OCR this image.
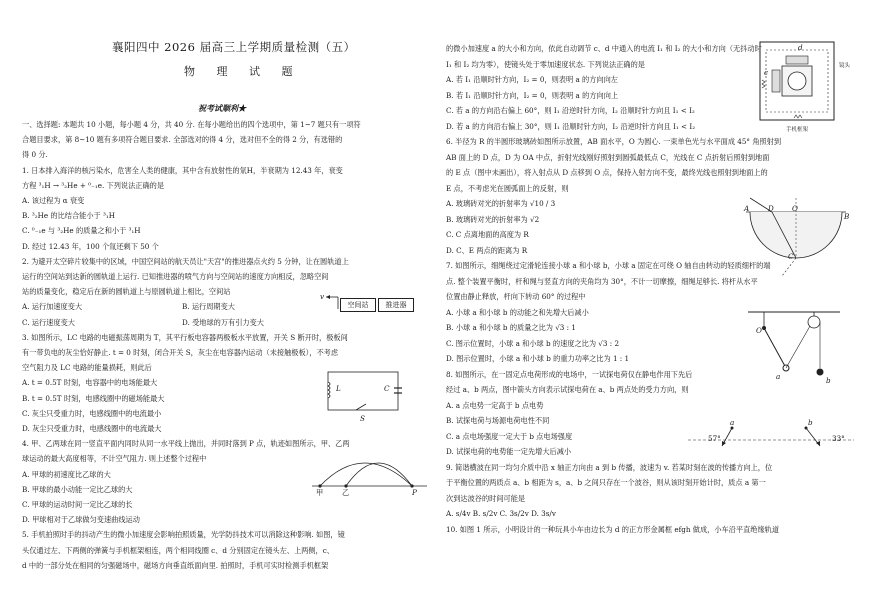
襄阳四中 2026 届高三上学期质量检测（五）
物 理 试 题
祝考试顺利★
一、选择题: 本题共 10 小题，每小题 4 分，共 40 分. 在每小题给出的四个选项中，第 1~7 题只有一项符
合题目要求，第 8~10 题有多项符合题目要求. 全部选对的得 4 分，选对但不全的得 2 分，有选错的
得 0 分.
1. 日本排入海洋的核污染水，危害全人类的健康，其中含有放射性的氚H，半衰期为 12.43 年，衰变
方程 ³₁H → ³₂He + ⁰₋₁e. 下列说法正确的是
A. 该过程为 α 衰变
B. ³₂He 的比结合能小于 ³₁H
C. ⁰₋₁e 与 ³₂He 的质量之和小于 ³₁H
D. 经过 12.43 年，100 个氚还剩下 50 个
2. 为避开太空碎片较集中的区域，中国空间站的航天员让"天宫"的推进器点火约 5 分钟，让在圆轨道上
运行的空间站到达新的圆轨道上运行. 已知推进器的喷气方向与空间站的速度方向相反，忽略空间
站的质量变化，稳定后在新的圆轨道上与原圆轨道上相比，空间站
A. 运行加速度变大	B. 运行周期变大
C. 运行速度变大	D. 受地球的万有引力变大
3. 如图所示，LC 电路的电磁振荡周期为 T，其平行板电容器两极板水平放置，开关 S 断开时，极板间
有一带负电的灰尘恰好静止. t = 0 时刻，闭合开关 S，灰尘在电容器内运动（未接触极板），不考虑
空气阻力及 LC 电路的能量损耗，则此后
A. t = 0.5T 时刻，电容器中的电场能最大
B. t = 0.5T 时刻，电感线圈中的磁场能最大
C. 灰尘只受重力时，电感线圈中的电流最小
D. 灰尘只受重力时，电感线圈中的电流最大
4. 甲、乙两球在同一竖直平面内同时从同一水平线上抛出，并同时落到 P 点，轨迹如图所示，甲、乙两
球运动的最大高度相等，不计空气阻力. 则上述整个过程中
A. 甲球的初速度比乙球的大
B. 甲球的最小动能一定比乙球的大
C. 甲球的运动时间一定比乙球的长
D. 甲球相对于乙球做匀变速曲线运动
5. 手机拍照时手的抖动产生的微小加速度会影响拍照质量，光学防抖技术可以消除这种影响. 如图，镜
头仅通过左、下两侧的弹簧与手机框架相连，两个相同线圈 c、d 分别固定在镜头左、上两侧，c、
d 中的一部分处在相同的匀强磁场中，磁场方向垂直纸面向里. 拍照时，手机可实时检测手机框架
v
空间站	推进器
L	C
S
甲	乙	P
的微小加速度 a 的大小和方向，依此自动调节 c、d 中通入的电流 I₁ 和 I₂ 的大小和方向（无抖动时
I₁ 和 I₂ 均为零），使镜头处于零加速度状态. 下列说法正确的是
A. 若 I₁ 沿顺时针方向，I₂ = 0，则表明 a 的方向向左
B. 若 I₁ 沿顺时针方向，I₂ = 0，则表明 a 的方向向上
C. 若 a 的方向沿右偏上 60°，则 I₁ 沿逆时针方向，I₂ 沿顺时针方向且 I₁ < I₂
D. 若 a 的方向沿右偏上 30°，则 I₁ 沿顺时针方向，I₂ 沿逆时针方向且 I₁ < I₂
6. 半径为 R 的半圆形玻璃砖如图所示放置，AB 面水平，O 为圆心. 一束单色光与水平面成 45° 角照射到
AB 面上的 D 点，D 为 OA 中点，折射光线刚好照射到圆弧最低点 C，光线在 C 点折射后照射到地面
的 E 点（图中未画出），将入射点从 D 点移到 O 点，保持入射方向不变，最终光线也照射到地面上的
E 点，不考虑光在圆弧面上的反射，则
A. 玻璃砖对光的折射率为 √10 / 3
B. 玻璃砖对光的折射率为 √2
C. C 点离地面的高度为 R
D. C、E 两点的距离为 R
7. 如图所示，细绳绕过定滑轮连接小球 a 和小球 b，小球 a 固定在可绕 O 轴自由转动的轻质细杆的端
点. 整个装置平衡时，杆和绳与竖直方向的夹角均为 30°，不计一切摩擦，细绳足够长. 将杆从水平
位置由静止释放，杆向下转动 60° 的过程中
A. 小球 a 和小球 b 的动能之和先增大后减小
B. 小球 a 和小球 b 的质量之比为 √3 : 1
C. 图示位置时，小球 a 和小球 b 的速度之比为 √3 : 2
D. 图示位置时，小球 a 和小球 b 的重力功率之比为 1 : 1
8. 如图所示，在一固定点电荷形成的电场中，一试探电荷仅在静电作用下先后
经过 a、b 两点，图中箭头方向表示试探电荷在 a、b 两点处的受力方向，则
A. a 点电势一定高于 b 点电势
B. 试探电荷与场源电荷电性不同
C. a 点电场强度一定大于 b 点电场强度
D. 试探电荷的电势能一定先增大后减小
9. 简谐横波在同一均匀介质中沿 x 轴正方向由 a 到 b 传播，波速为 v. 若某时刻在波的传播方向上，位
于平衡位置的两质点 a、b 相距为 s，a、b 之间只存在一个波谷，则从该时刻开始计时，质点 a 第一
次到达波谷的时间可能是
A. s/4v B. s/2v C. 3s/2v D. 3s/v
10. 如图 1 所示，小明设计的一种玩具小车由边长为 d 的正方形金属框 efgh 做成，小车沿平直绝缘轨道
c
d
手机框架
镜头
A	D	O
B
C
O
a	b
a	b
57°	33°
